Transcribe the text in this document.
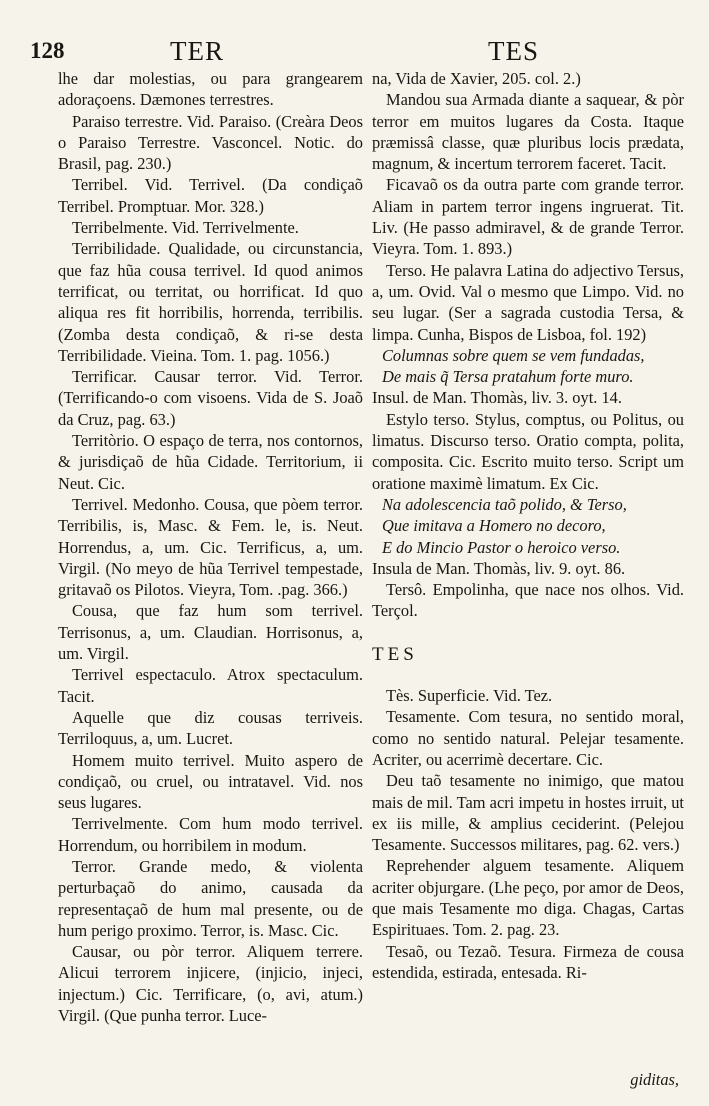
128	TER	TES

lhe dar molestias, ou para grangearem adoraçoens. Dæmones terrestres.

Paraiso terrestre. Vid. Paraiso. (Creàra Deos o Paraiso Terrestre. Vasconcel. Notic. do Brasil, pag. 230.)

Terribel. Vid. Terrivel. (Da condiçaõ Terribel. Promptuar. Mor. 328.)

Terribelmente. Vid. Terrivelmente.

Terribilidade. Qualidade, ou circunstancia, que faz hũa cousa terrivel. Id quod animos terrificat, ou territat, ou horrificat. Id quo aliqua res fit horribilis, horrenda, terribilis. (Zomba desta condiçaõ, & ri-se desta Terribilidade. Vieina. Tom. 1. pag. 1056.)

Terrificar. Causar terror. Vid. Terror. (Terrificando-o com visoens. Vida de S. Joaõ da Cruz, pag. 63.)

Territòrio. O espaço de terra, nos contornos, & jurisdiçaõ de hũa Cidade. Territorium, ii Neut. Cic.

Terrivel. Medonho. Cousa, que pòem terror. Terribilis, is, Masc. & Fem. le, is. Neut. Horrendus, a, um. Cic. Terrificus, a, um. Virgil. (No meyo de hũa Terrivel tempestade, gritavaõ os Pilotos. Vieyra, Tom. .pag. 366.)

Cousa, que faz hum som terrivel. Terrisonus, a, um. Claudian. Horrisonus, a, um. Virgil.

Terrivel espectaculo. Atrox spectaculum. Tacit.

Aquelle que diz cousas terriveis. Terriloquus, a, um. Lucret.

Homem muito terrivel. Muito aspero de condiçaõ, ou cruel, ou intratavel. Vid. nos seus lugares.

Terrivelmente. Com hum modo terrivel. Horrendum, ou horribilem in modum.

Terror. Grande medo, & violenta perturbaçaõ do animo, causada da representaçaõ de hum mal presente, ou de hum perigo proximo. Terror, is. Masc. Cic.

Causar, ou pòr terror. Aliquem terrere. Alicui terrorem injicere, (injicio, injeci, injectum.) Cic. Terrificare, (o, avi, atum.) Virgil. (Que punha terror. Luce-

na, Vida de Xavier, 205. col. 2.)

Mandou sua Armada diante a saquear, & pòr terror em muitos lugares da Costa. Itaque præmissâ classe, quæ pluribus locis prædata, magnum, & incertum terrorem faceret. Tacit.

Ficavaõ os da outra parte com grande terror. Aliam in partem terror ingens ingruerat. Tit. Liv. (He passo admiravel, & de grande Terror. Vieyra. Tom. 1. 893.)

Terso. He palavra Latina do adjectivo Tersus, a, um. Ovid. Val o mesmo que Limpo. Vid. no seu lugar. (Ser a sagrada custodia Tersa, & limpa. Cunha, Bispos de Lisboa, fol. 192)

Columnas sobre quem se vem fundadas,

De mais q̃ Tersa pratahum forte muro.

Insul. de Man. Thomàs, liv. 3. oyt. 14.

Estylo terso. Stylus, comptus, ou Politus, ou limatus. Discurso terso. Oratio compta, polita, composita. Cic. Escrito muito terso. Script um oratione maximè limatum. Ex Cic.

Na adolescencia taõ polido, & Terso,

Que imitava a Homero no decoro,

E do Mincio Pastor o heroico verso.

Insula de Man. Thomàs, liv. 9. oyt. 86.

Tersô. Empolinha, que nace nos olhos. Vid. Terçol.

TES

Tès. Superficie. Vid. Tez.

Tesamente. Com tesura, no sentido moral, como no sentido natural. Pelejar tesamente. Acriter, ou acerrimè decertare. Cic.

Deu taõ tesamente no inimigo, que matou mais de mil. Tam acri impetu in hostes irruit, ut ex iis mille, & amplius ceciderint. (Pelejou Tesamente. Successos militares, pag. 62. vers.)

Reprehender alguem tesamente. Aliquem acriter objurgare. (Lhe peço, por amor de Deos, que mais Tesamente mo diga. Chagas, Cartas Espirituaes. Tom. 2. pag. 23.

Tesaõ, ou Tezaõ. Tesura. Firmeza de cousa estendida, estirada, entesada. Ri-

giditas,
